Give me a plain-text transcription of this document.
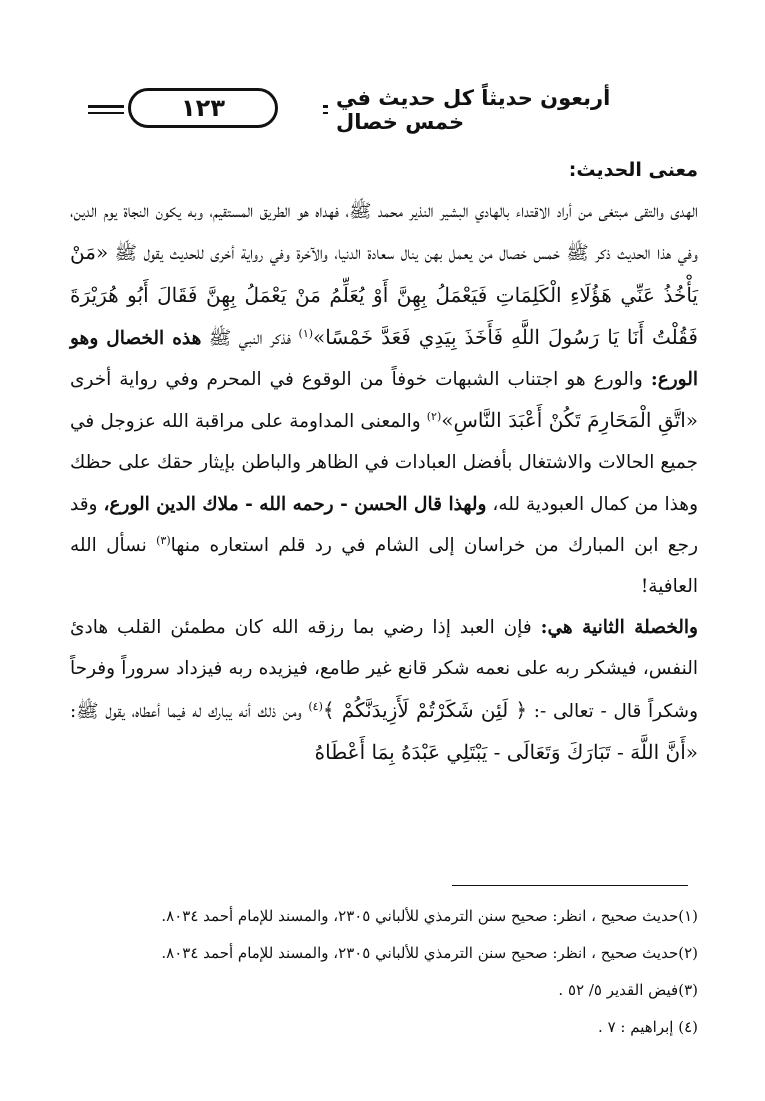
١٢٣	أربعون حديثاً كل حديث في خمس خصال

معنى الحديث:

الهدى والتقى مبتغى من أراد الاقتداء بالهادي البشير النذير محمد ﷺ، فهداه هو الطريق المستقيم، وبه يكون النجاة يوم الدين، وفي هذا الحديث ذكر ﷺ خمس خصال من يعمل بهن ينال سعادة الدنيا، والآخرة وفي رواية أخرى للحديث يقول ﷺ «مَنْ يَأْخُذُ عَنِّي هَؤُلَاءِ الْكَلِمَاتِ فَيَعْمَلُ بِهِنَّ أَوْ يُعَلِّمُ مَنْ يَعْمَلُ بِهِنَّ فَقَالَ أَبُو هُرَيْرَةَ فَقُلْتُ أَنَا يَا رَسُولَ اللَّهِ فَأَخَذَ بِيَدِي فَعَدَّ خَمْسًا»$^{(١)}$ فذكر النبي ﷺ هذه الخصال وهو الورع: والورع هو اجتناب الشبهات خوفاً من الوقوع في المحرم وفي رواية أخرى «اتَّقِ الْمَحَارِمَ تَكُنْ أَعْبَدَ النَّاسِ»$^{(٢)}$ والمعنى المداومة على مراقبة الله عزوجل في جميع الحالات والاشتغال بأفضل العبادات في الظاهر والباطن بإيثار حقك على حظك وهذا من كمال العبودية لله، ولهذا قال الحسن - رحمه الله - ملاك الدين الورع، وقد رجع ابن المبارك من خراسان إلى الشام في رد قلم استعاره منها$^{(٣)}$ نسأل الله العافية!

والخصلة الثانية هي: فإن العبد إذا رضي بما رزقه الله كان مطمئن القلب هادئ النفس، فيشكر ربه على نعمه شكر قانع غير طامع، فيزيده ربه فيزداد سروراً وفرحاً وشكراً قال - تعالى -: ﴿ لَئِن شَكَرْتُمْ لَأَزِيدَنَّكُمْ ﴾$^{(٤)}$ ومن ذلك أنه يبارك له فيما أعطاه، يقول ﷺ: «أَنَّ اللَّهَ - تَبَارَكَ وَتَعَالَى - يَبْتَلِي عَبْدَهُ بِمَا أَعْطَاهُ

(١)حديث صحيح ، انظر: صحيح سنن الترمذي للألباني ٢٣٠٥، والمسند للإمام أحمد ٨٠٣٤.

(٢)حديث صحيح ، انظر: صحيح سنن الترمذي للألباني ٢٣٠٥، والمسند للإمام أحمد ٨٠٣٤.

(٣)فيض القدير ٥/ ٥٢ .

(٤) إبراهيم : ٧ .
